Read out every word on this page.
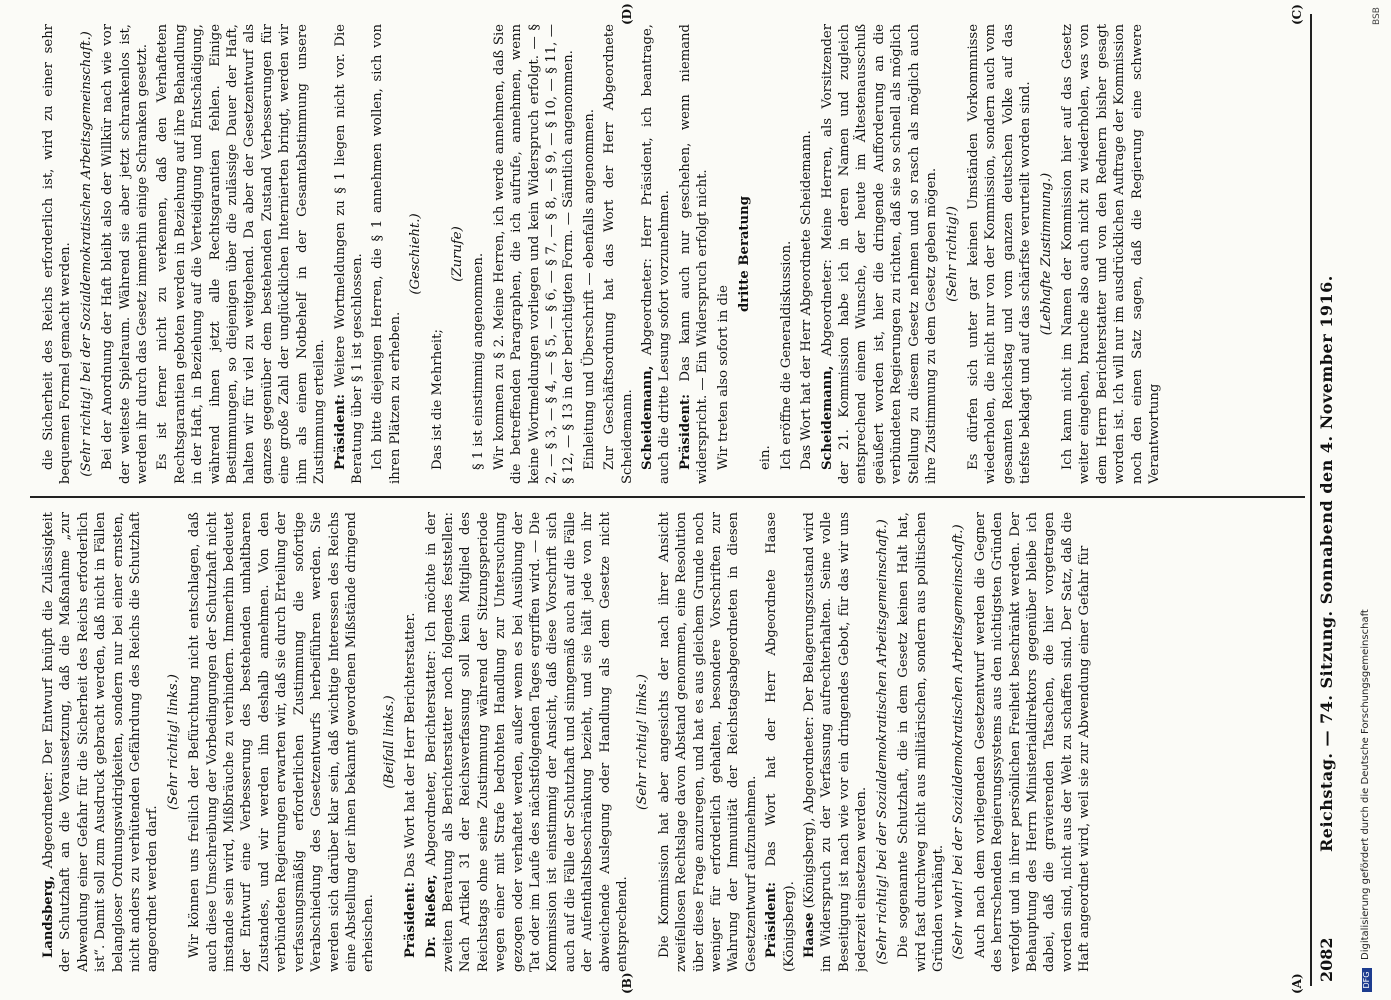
2082
Reichstag. — 74. Sitzung. Sonnabend den 4. November 1916.
(A)
(B)
(C)
(D)

Landsberg, Abgeordneter: Der Entwurf knüpft die Zulässigkeit der Schutzhaft an die Voraussetzung, daß die Maßnahme „zur Abwendung einer Gefahr für die Sicherheit des Reichs erforderlich ist“. Damit soll zum Ausdruck gebracht werden, daß nicht in Fällen belangloser Ordnungswidrigkeiten, sondern nur bei einer ernsten, nicht anders zu verhütenden Gefährdung des Reichs die Schutzhaft angeordnet werden darf.

(Sehr richtig! links.) Wir können uns freilich der Befürchtung nicht entschlagen, daß auch diese Umschreibung der Vorbedingungen der Schutzhaft nicht imstande sein wird, Mißbräuche zu verhindern. Immerhin bedeutet der Entwurf eine Verbesserung des bestehenden unhaltbaren Zustandes, und wir werden ihn deshalb annehmen. Von den verbündeten Regierungen erwarten wir, daß sie durch Erteilung der verfassungsmäßig erforderlichen Zustimmung die sofortige Verabschiedung des Gesetzentwurfs herbeiführen werden. Sie werden sich darüber klar sein, daß wichtige Interessen des Reichs eine Abstellung der ihnen bekannt gewordenen Mißstände dringend erheischen.

(Beifall links.)

Präsident: Das Wort hat der Herr Berichterstatter.

Dr. Rießer, Abgeordneter, Berichterstatter: Ich möchte in der zweiten Beratung als Berichterstatter noch folgendes feststellen: Nach Artikel 31 der Reichsverfassung soll kein Mitglied des Reichstags ohne seine Zustimmung während der Sitzungsperiode wegen einer mit Strafe bedrohten Handlung zur Untersuchung gezogen oder verhaftet werden, außer wenn es bei Ausübung der Tat oder im Laufe des nächstfolgenden Tages ergriffen wird. — Die Kommission ist einstimmig der Ansicht, daß diese Vorschrift sich auch auf die Fälle der Schutzhaft und sinngemäß auch auf die Fälle der Aufenthaltsbeschränkung bezieht, und sie hält jede von ihr abweichende Auslegung oder Handlung als dem Gesetze nicht entsprechend.

(Sehr richtig! links.) Die Kommission hat aber angesichts der nach ihrer Ansicht zweifellosen Rechtslage davon Abstand genommen, eine Resolution über diese Frage anzuregen, und hat es aus gleichem Grunde noch weniger für erforderlich gehalten, besondere Vorschriften zur Wahrung der Immunität der Reichstagsabgeordneten in diesen Gesetzentwurf aufzunehmen. Präsident: Das Wort hat der Herr Abgeordnete Haase (Königsberg). Haase (Königsberg), Abgeordneter: Der Belagerungszustand wird im Widerspruch zu der Verfassung aufrechterhalten. Seine volle Beseitigung ist nach wie vor ein dringendes Gebot, für das wir uns jederzeit einsetzen werden. (Sehr richtig! bei der Sozialdemokratischen Arbeitsgemeinschaft.) Die sogenannte Schutzhaft, die in dem Gesetz keinen Halt hat, wird fast durchweg nicht aus militärischen, sondern aus politischen Gründen verhängt. (Sehr wahr! bei der Sozialdemokratischen Arbeitsgemeinschaft.) Auch nach dem vorliegenden Gesetzentwurf werden die Gegner des herrschenden Regierungssystems aus den nichtigsten Gründen verfolgt und in ihrer persönlichen Freiheit beschränkt werden. Der Behauptung des Herrn Ministerialdirektors gegenüber bleibe ich dabei, daß die gravierenden Tatsachen, die hier vorgetragen worden sind, nicht aus der Welt zu schaffen sind. Der Satz, daß die Haft angeordnet wird, weil sie zur Abwendung einer Gefahr für

die Sicherheit des Reichs erforderlich ist, wird zu einer sehr bequemen Formel gemacht werden. (Sehr richtig! bei der Sozialdemokratischen Arbeitsgemeinschaft.) Bei der Anordnung der Haft bleibt also der Willkür nach wie vor der weiteste Spielraum. Während sie aber jetzt schrankenlos ist, werden ihr durch das Gesetz immerhin einige Schranken gesetzt. Es ist ferner nicht zu verkennen, daß den Verhafteten Rechtsgarantien geboten werden in Beziehung auf ihre Behandlung in der Haft, in Beziehung auf die Verteidigung und Entschädigung, während ihnen jetzt alle Rechtsgarantien fehlen. Einige Bestimmungen, so diejenigen über die zulässige Dauer der Haft, halten wir für viel zu weitgehend. Da aber der Gesetzentwurf als ganzes gegenüber dem bestehenden Zustand Verbesserungen für eine große Zahl der unglücklichen Internierten bringt, werden wir ihm als einem Notbehelf in der Gesamtabstimmung unsere Zustimmung erteilen. Präsident: Weitere Wortmeldungen zu § 1 liegen nicht vor. Die Beratung über § 1 ist geschlossen. Ich bitte diejenigen Herren, die § 1 annehmen wollen, sich von ihren Plätzen zu erheben.

(Geschieht.)

Das ist die Mehrheit;

(Zurufe) § 1 ist einstimmig angenommen. Wir kommen zu § 2. Meine Herren, ich werde annehmen, daß Sie die betreffenden Paragraphen, die ich aufrufe, annehmen, wenn keine Wortmeldungen vorliegen und kein Widerspruch erfolgt. — § 2, — § 3, — § 4, — § 5, — § 6, — § 7, — § 8, — § 9, — § 10, — § 11, — § 12, — § 13 in der berichtigten Form. — Sämtlich angenommen. Einleitung und Überschrift — ebenfalls angenommen. Zur Geschäftsordnung hat das Wort der Herr Abgeordnete Scheidemann. Scheidemann, Abgeordneter: Herr Präsident, ich beantrage, auch die dritte Lesung sofort vorzunehmen. Präsident: Das kann auch nur geschehen, wenn niemand widerspricht. — Ein Widerspruch erfolgt nicht. Wir treten also sofort in die

dritte Beratung

ein. Ich eröffne die Generaldiskussion. Das Wort hat der Herr Abgeordnete Scheidemann. Scheidemann, Abgeordneter: Meine Herren, als Vorsitzender der 21. Kommission habe ich in deren Namen und zugleich entsprechend einem Wunsche, der heute im Ältestenausschuß geäußert worden ist, hier die dringende Aufforderung an die verbündeten Regierungen zu richten, daß sie so schnell als möglich Stellung zu diesem Gesetz nehmen und so rasch als möglich auch ihre Zustimmung zu dem Gesetz geben mögen. (Sehr richtig!) Es dürfen sich unter gar keinen Umständen Vorkommnisse wiederholen, die nicht nur von der Kommission, sondern auch vom gesamten Reichstag und vom ganzen deutschen Volke auf das tiefste beklagt und auf das schärfste verurteilt worden sind. (Lebhafte Zustimmung.) Ich kann nicht im Namen der Kommission hier auf das Gesetz weiter eingehen, brauche also auch nicht zu wiederholen, was von dem Herrn Berichterstatter und von den Rednern bisher gesagt worden ist. Ich will nur im ausdrücklichen Auftrage der Kommission noch den einen Satz sagen, daß die Regierung eine schwere Verantwortung

DFG
Digitalisierung gefördert durch die Deutsche Forschungsgemeinschaft
BSB
